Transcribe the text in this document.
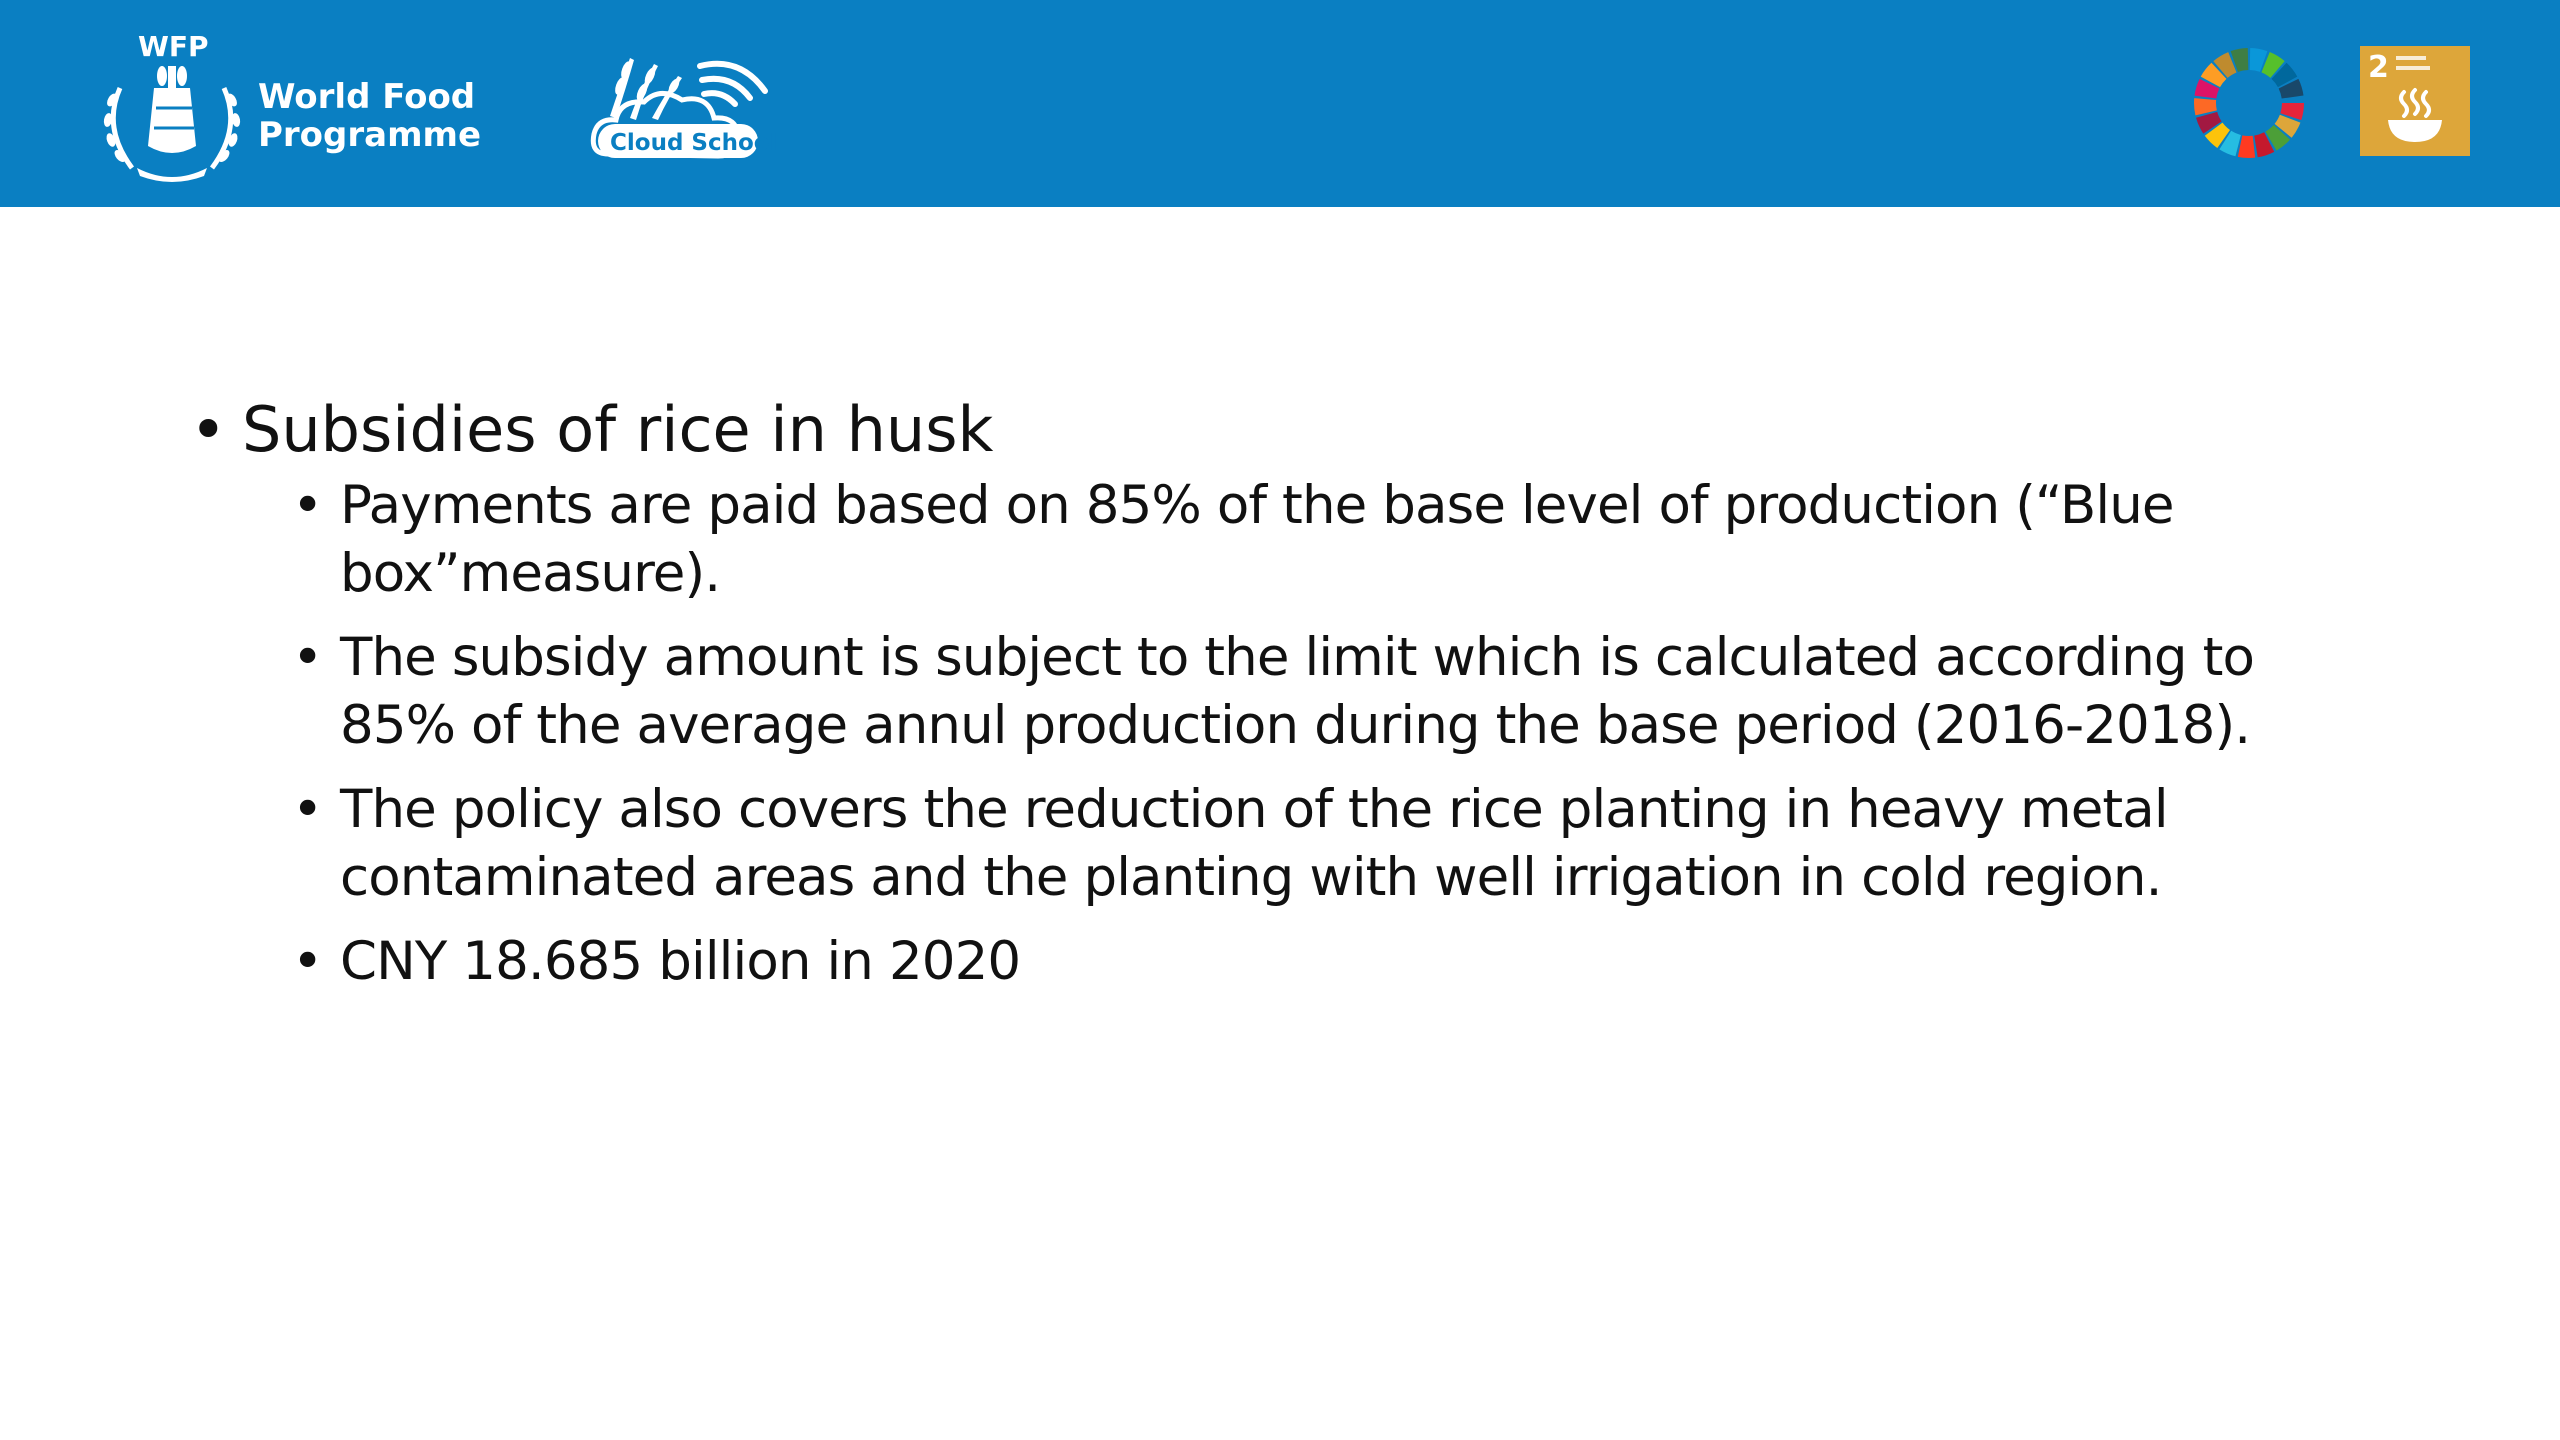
WFP
World Food
Programme	Cloud School
2
• Subsidies of rice in husk
• Payments are paid based on 85% of the base level of production (“Blue box”measure).
• The subsidy amount is subject to the limit which is calculated according to 85% of the average annul production during the base period (2016-2018).
• The policy also covers the reduction of the rice planting in heavy metal contaminated areas and the planting with well irrigation in cold region.
• CNY 18.685 billion in 2020
